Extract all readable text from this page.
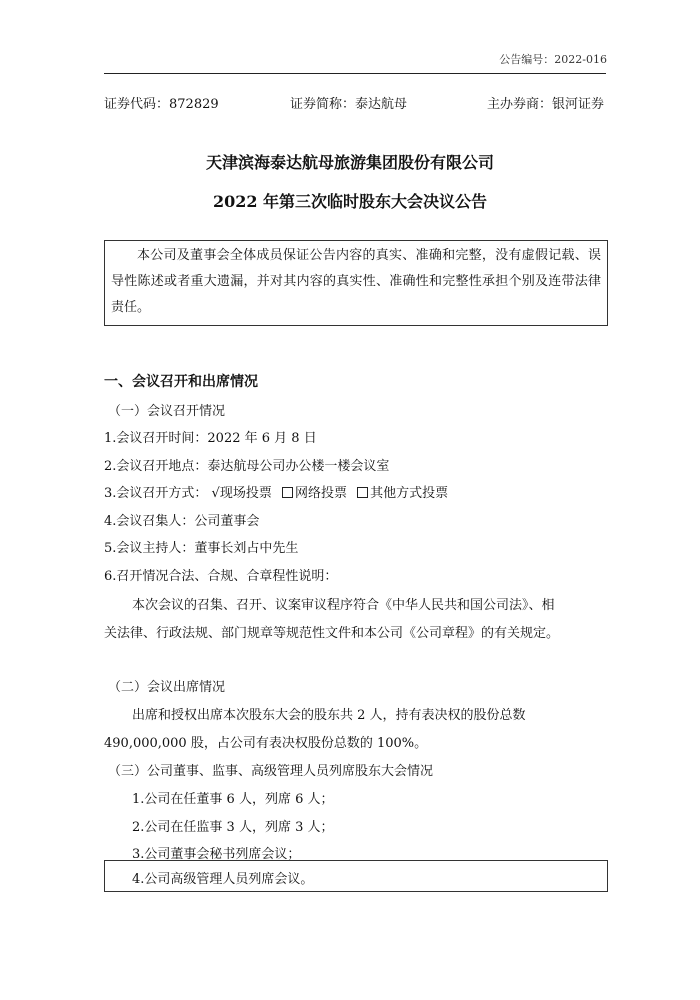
公告编号：2022-016
证券代码：872829	证券简称：泰达航母	主办券商：银河证券
天津滨海泰达航母旅游集团股份有限公司
2022 年第三次临时股东大会决议公告

本公司及董事会全体成员保证公告内容的真实、准确和完整，没有虚假记载、误导性陈述或者重大遗漏，并对其内容的真实性、准确性和完整性承担个别及连带法律责任。

一、会议召开和出席情况
（一）会议召开情况
1.会议召开时间：2022 年 6 月 8 日
2.会议召开地点：泰达航母公司办公楼一楼会议室
3.会议召开方式： √现场投票 网络投票 其他方式投票
4.会议召集人：公司董事会
5.会议主持人：董事长刘占中先生
6.召开情况合法、合规、合章程性说明：
本次会议的召集、召开、议案审议程序符合《中华人民共和国公司法》、相
关法律、行政法规、部门规章等规范性文件和本公司《公司章程》的有关规定。
（二）会议出席情况
出席和授权出席本次股东大会的股东共 2 人，持有表决权的股份总数
490,000,000 股，占公司有表决权股份总数的 100%。
（三）公司董事、监事、高级管理人员列席股东大会情况
1.公司在任董事 6 人，列席 6 人；
2.公司在任监事 3 人，列席 3 人；
3.公司董事会秘书列席会议；
4.公司高级管理人员列席会议。
